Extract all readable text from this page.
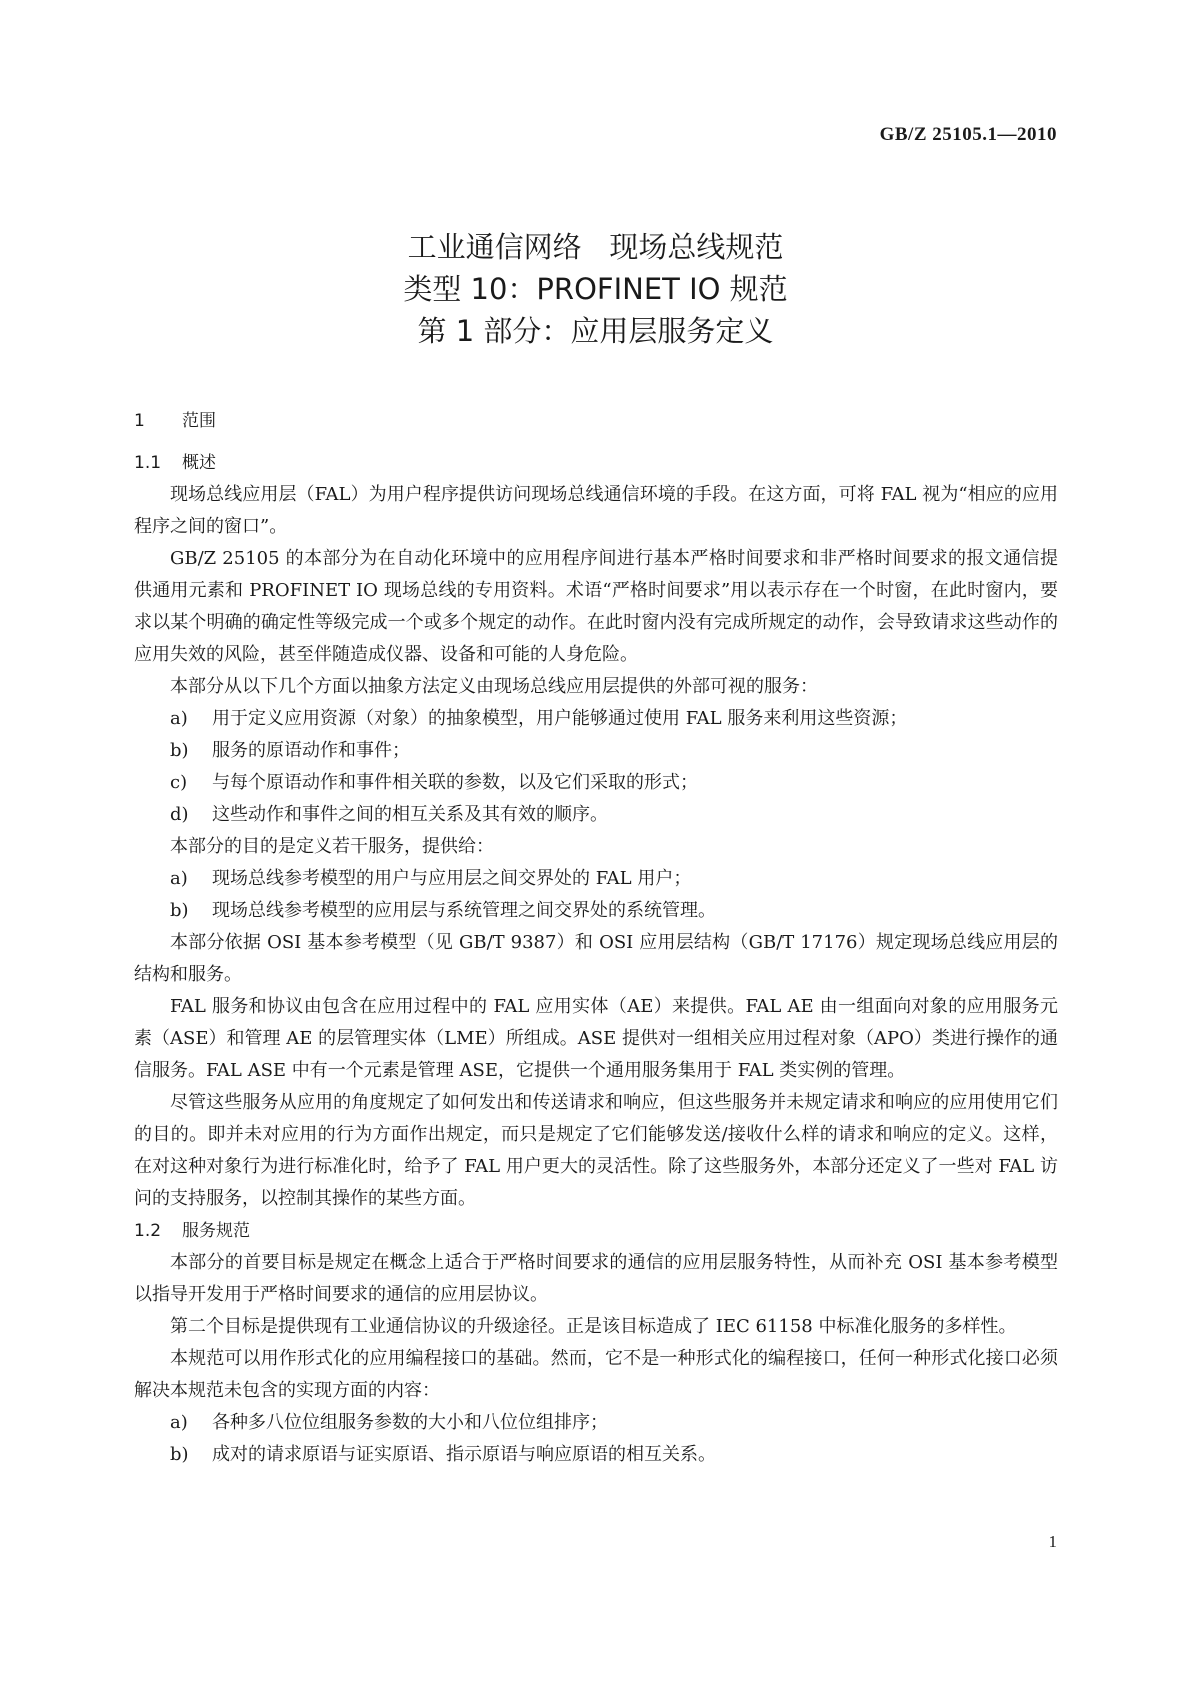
GB/Z 25105.1—2010
工业通信网络   现场总线规范
类型 10：PROFINET IO 规范
第 1 部分：应用层服务定义

1 范围

1.1 概述

现场总线应用层（FAL）为用户程序提供访问现场总线通信环境的手段。在这方面，可将 FAL 视为“相应的应用程序之间的窗口”。

GB/Z 25105 的本部分为在自动化环境中的应用程序间进行基本严格时间要求和非严格时间要求的报文通信提供通用元素和 PROFINET IO 现场总线的专用资料。术语“严格时间要求”用以表示存在一个时窗，在此时窗内，要求以某个明确的确定性等级完成一个或多个规定的动作。在此时窗内没有完成所规定的动作，会导致请求这些动作的应用失效的风险，甚至伴随造成仪器、设备和可能的人身危险。

本部分从以下几个方面以抽象方法定义由现场总线应用层提供的外部可视的服务：

a) 用于定义应用资源（对象）的抽象模型，用户能够通过使用 FAL 服务来利用这些资源；

b) 服务的原语动作和事件；

c) 与每个原语动作和事件相关联的参数，以及它们采取的形式；

d) 这些动作和事件之间的相互关系及其有效的顺序。

本部分的目的是定义若干服务，提供给：

a) 现场总线参考模型的用户与应用层之间交界处的 FAL 用户；

b) 现场总线参考模型的应用层与系统管理之间交界处的系统管理。

本部分依据 OSI 基本参考模型（见 GB/T 9387）和 OSI 应用层结构（GB/T 17176）规定现场总线应用层的结构和服务。

FAL 服务和协议由包含在应用过程中的 FAL 应用实体（AE）来提供。FAL AE 由一组面向对象的应用服务元素（ASE）和管理 AE 的层管理实体（LME）所组成。ASE 提供对一组相关应用过程对象（APO）类进行操作的通信服务。FAL ASE 中有一个元素是管理 ASE，它提供一个通用服务集用于 FAL 类实例的管理。

尽管这些服务从应用的角度规定了如何发出和传送请求和响应，但这些服务并未规定请求和响应的应用使用它们的目的。即并未对应用的行为方面作出规定，而只是规定了它们能够发送/接收什么样的请求和响应的定义。这样，在对这种对象行为进行标准化时，给予了 FAL 用户更大的灵活性。除了这些服务外，本部分还定义了一些对 FAL 访问的支持服务，以控制其操作的某些方面。

1.2 服务规范

本部分的首要目标是规定在概念上适合于严格时间要求的通信的应用层服务特性，从而补充 OSI 基本参考模型以指导开发用于严格时间要求的通信的应用层协议。

第二个目标是提供现有工业通信协议的升级途径。正是该目标造成了 IEC 61158 中标准化服务的多样性。

本规范可以用作形式化的应用编程接口的基础。然而，它不是一种形式化的编程接口，任何一种形式化接口必须解决本规范未包含的实现方面的内容：

a) 各种多八位位组服务参数的大小和八位位组排序；

b) 成对的请求原语与证实原语、指示原语与响应原语的相互关系。

1
